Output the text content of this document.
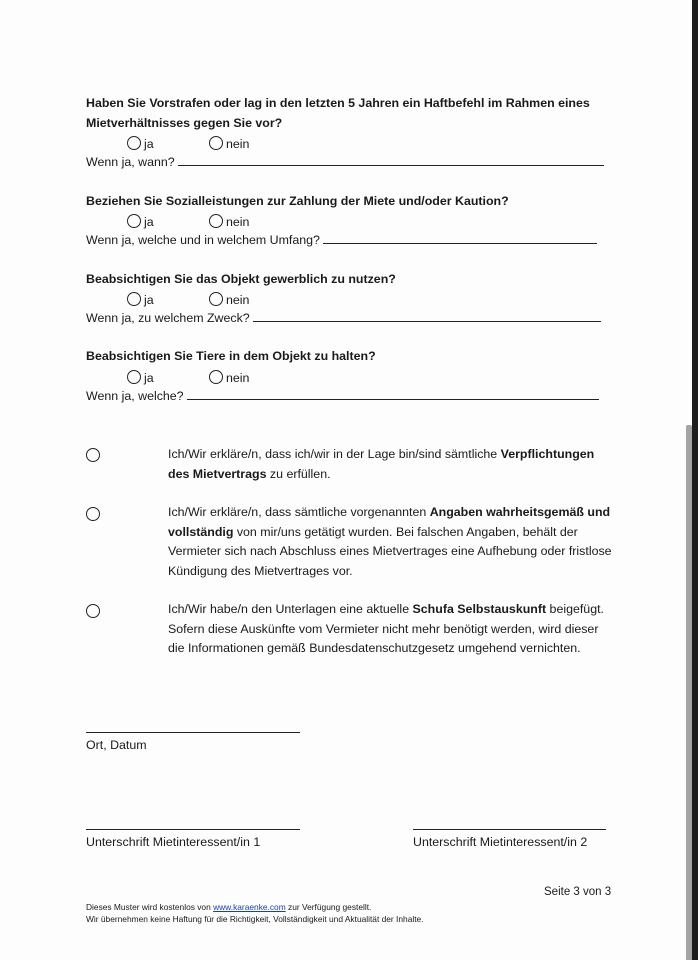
Haben Sie Vorstrafen oder lag in den letzten 5 Jahren ein Haftbefehl im Rahmen eines
Mietverhältnisses gegen Sie vor?
ja	nein
Wenn ja, wann?
Beziehen Sie Sozialleistungen zur Zahlung der Miete und/oder Kaution?
ja	nein
Wenn ja, welche und in welchem Umfang?
Beabsichtigen Sie das Objekt gewerblich zu nutzen?
ja	nein
Wenn ja, zu welchem Zweck?
Beabsichtigen Sie Tiere in dem Objekt zu halten?
ja	nein
Wenn ja, welche?
Ich/Wir erkläre/n, dass ich/wir in der Lage bin/sind sämtliche Verpflichtungen des Mietvertrags zu erfüllen.
Ich/Wir erkläre/n, dass sämtliche vorgenannten Angaben wahrheitsgemäß und vollständig von mir/uns getätigt wurden. Bei falschen Angaben, behält der Vermieter sich nach Abschluss eines Mietvertrages eine Aufhebung oder fristlose Kündigung des Mietvertrages vor.
Ich/Wir habe/n den Unterlagen eine aktuelle Schufa Selbstauskunft beigefügt. Sofern diese Auskünfte vom Vermieter nicht mehr benötigt werden, wird dieser die Informationen gemäß Bundesdatenschutzgesetz umgehend vernichten.
Ort, Datum
Unterschrift Mietinteressent/in 1	Unterschrift Mietinteressent/in 2
Seite 3 von 3
Dieses Muster wird kostenlos von www.karaenke.com zur Verfügung gestellt.
Wir übernehmen keine Haftung für die Richtigkeit, Vollständigkeit und Aktualität der Inhalte.
